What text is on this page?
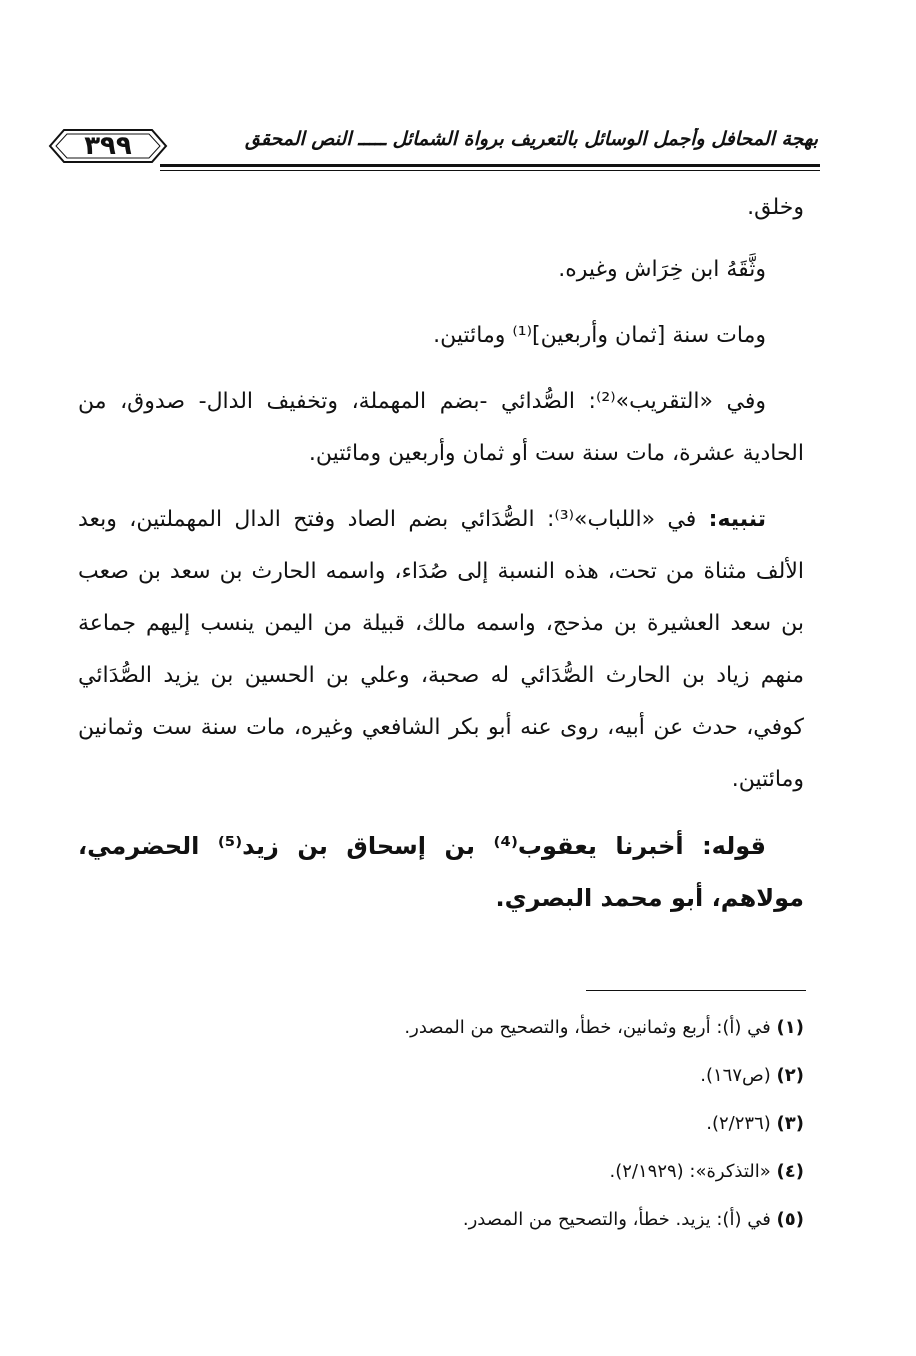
٣٩٩	بهجة المحافل وأجمل الوسائل بالتعريف برواة الشمائل ـــــ النص المحقق

وخلق.

وثَّقَهُ ابن خِرَاش وغيره.

ومات سنة [ثمان وأربعين]⁽¹⁾ ومائتين.

وفي «التقريب»⁽²⁾: الصُّدائي -بضم المهملة، وتخفيف الدال- صدوق، من الحادية عشرة، مات سنة ست أو ثمان وأربعين ومائتين.

تنبيه: في «اللباب»⁽³⁾: الصُّدَائي بضم الصاد وفتح الدال المهملتين، وبعد الألف مثناة من تحت، هذه النسبة إلى صُدَاء، واسمه الحارث بن سعد بن صعب بن سعد العشيرة بن مذحج، واسمه مالك، قبيلة من اليمن ينسب إليهم جماعة منهم زياد بن الحارث الصُّدَائي له صحبة، وعلي بن الحسين بن يزيد الصُّدَائي كوفي، حدث عن أبيه، روى عنه أبو بكر الشافعي وغيره، مات سنة ست وثمانين ومائتين.

قوله: أخبرنا يعقوب⁽⁴⁾ بن إسحاق بن زيد⁽⁵⁾ الحضرمي، مولاهم، أبو محمد البصري.

(١) في (أ): أربع وثمانين، خطأ، والتصحيح من المصدر.

(٢) (ص١٦٧).

(٣) (٢/٢٣٦).

(٤) «التذكرة»: (٢/١٩٢٩).

(٥) في (أ): يزيد. خطأ، والتصحيح من المصدر.
